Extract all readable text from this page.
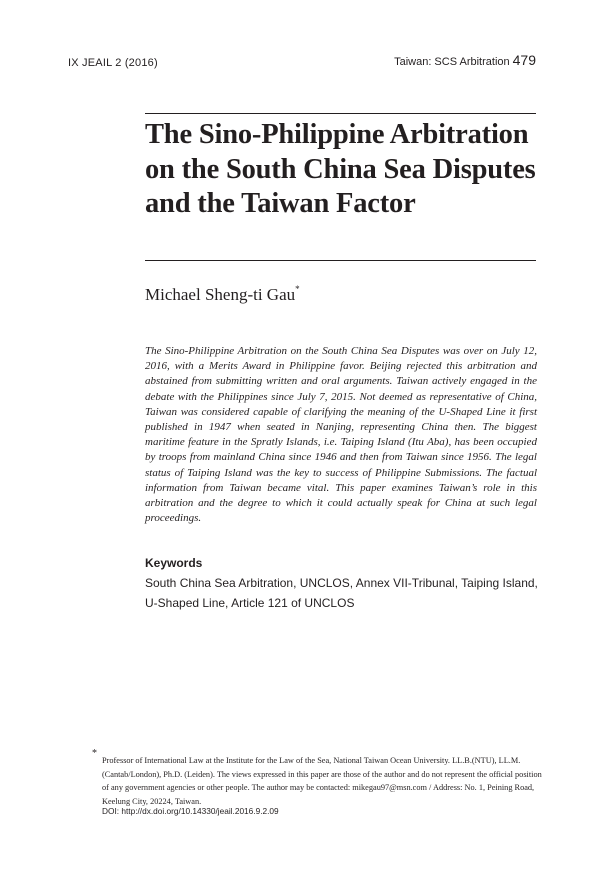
IX JEAIL 2 (2016)	Taiwan: SCS Arbitration 479
The Sino-Philippine Arbitration on the South China Sea Disputes and the Taiwan Factor
Michael Sheng-ti Gau*

The Sino-Philippine Arbitration on the South China Sea Disputes was over on July 12, 2016, with a Merits Award in Philippine favor. Beijing rejected this arbitration and abstained from submitting written and oral arguments. Taiwan actively engaged in the debate with the Philippines since July 7, 2015. Not deemed as representative of China, Taiwan was considered capable of clarifying the meaning of the U-Shaped Line it first published in 1947 when seated in Nanjing, representing China then. The biggest maritime feature in the Spratly Islands, i.e. Taiping Island (Itu Aba), has been occupied by troops from mainland China since 1946 and then from Taiwan since 1956. The legal status of Taiping Island was the key to success of Philippine Submissions. The factual information from Taiwan became vital. This paper examines Taiwan’s role in this arbitration and the degree to which it could actually speak for China at such legal proceedings.

Keywords

South China Sea Arbitration, UNCLOS, Annex VII-Tribunal, Taiping Island, U-Shaped Line, Article 121 of UNCLOS

*

Professor of International Law at the Institute for the Law of the Sea, National Taiwan Ocean University. LL.B.(NTU), LL.M. (Cantab/London), Ph.D. (Leiden). The views expressed in this paper are those of the author and do not represent the official position of any government agencies or other people. The author may be contacted: mikegau97@msn.com / Address: No. 1, Peining Road, Keelung City, 20224, Taiwan.

DOI: http://dx.doi.org/10.14330/jeail.2016.9.2.09
